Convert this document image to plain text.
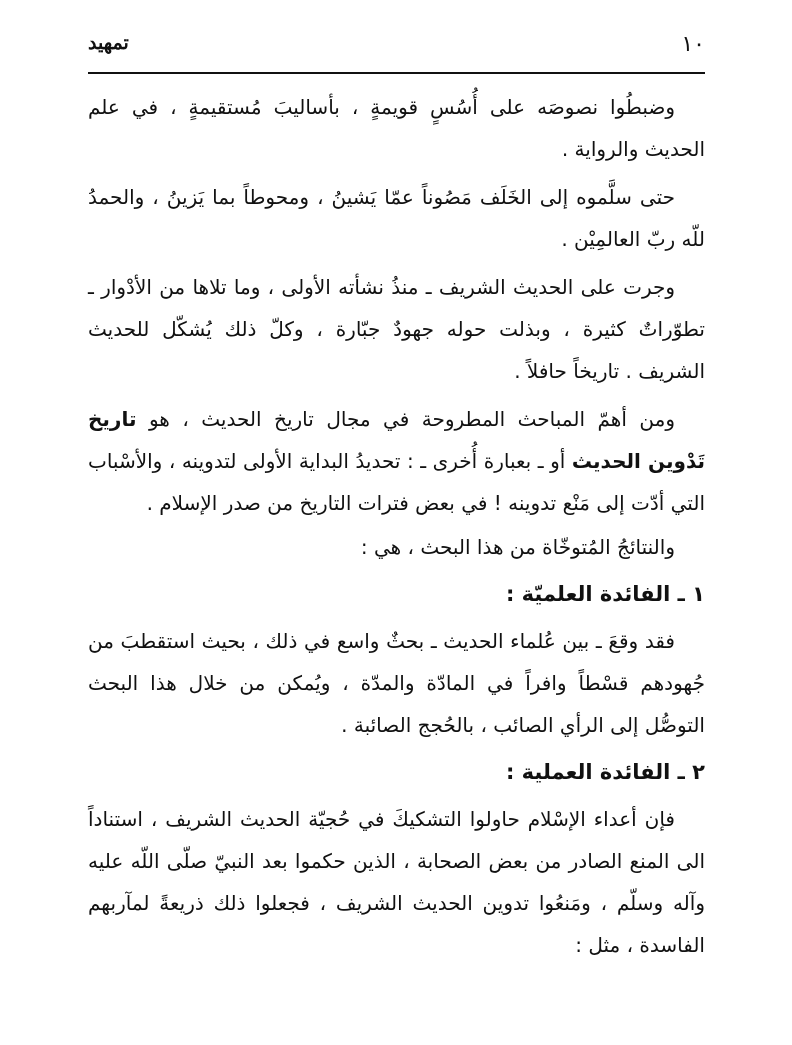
تمهيد	١٠

وضبطُوا نصوصَه على أُسُسٍ قويمةٍ ، بأساليبَ مُستقيمةٍ ، في علم الحديث والرواية .

حتى سلَّموه إلى الخَلَف مَصُوناً عمّا يَشينُ ، ومحوطاً بما يَزينُ ، والحمدُ للّه ربّ العالمِيْن .

وجرت على الحديث الشريف ـ منذُ نشأته الأولى ، وما تلاها من الأدْوار ـ تطوّراتٌ كثيرة ، وبذلت حوله جهودٌ جبّارة ، وكلّ ذلك يُشكّل للحديث الشريف . تاريخاً حافلاً .

ومن أهمّ المباحث المطروحة في مجال تاريخ الحديث ، هو تاريخ تَدْوين الحديث أو ـ بعبارة أُخرى ـ : تحديدُ البداية الأولى لتدوينه ، والأسْباب التي أدّت إلى مَنْع تدوينه ! في بعض فترات التاريخ من صدر الإسلام .

والنتائجُ المُتوخّاة من هذا البحث ، هي :

١ ـ الفائدة العلميّة :

فقد وقعَ ـ بين عُلماء الحديث ـ بحثٌ واسع في ذلك ، بحيث استقطبَ من جُهودهم قسْطاً وافراً في المادّة والمدّة ، ويُمكن من خلال هذا البحث التوصُّل إلى الرأي الصائب ، بالحُجج الصائبة .

٢ ـ الفائدة العملية :

فإن أعداء الإسْلام حاولوا التشكيكَ في حُجيّة الحديث الشريف ، استناداً الى المنع الصادر من بعض الصحابة ، الذين حكموا بعد النبيّ صلّى اللّه عليه وآله وسلّم ، ومَنعُوا تدوين الحديث الشريف ، فجعلوا ذلك ذريعةً لمآربهم الفاسدة ، مثل :
